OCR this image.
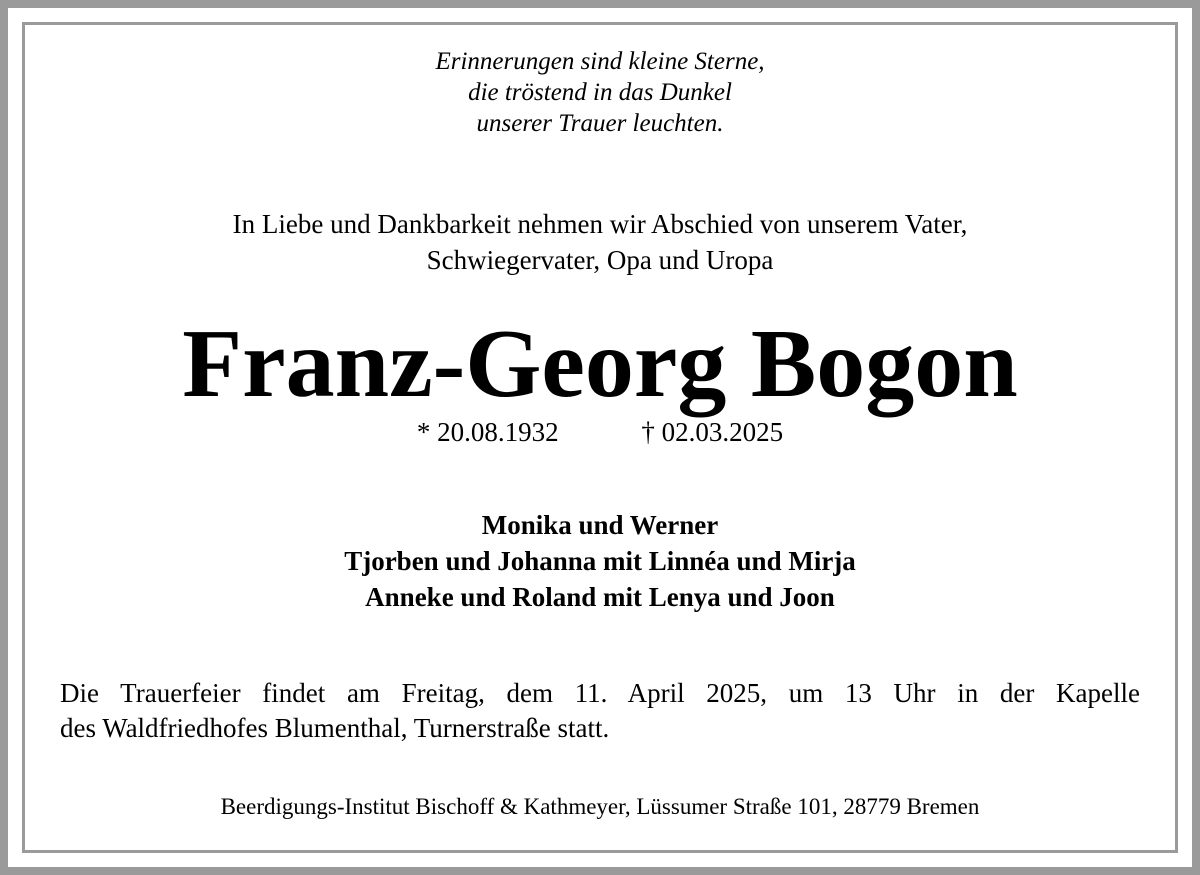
Erinnerungen sind kleine Sterne,
die tröstend in das Dunkel
unserer Trauer leuchten.
In Liebe und Dankbarkeit nehmen wir Abschied von unserem Vater,
Schwiegervater, Opa und Uropa
Franz-Georg Bogon
* 20.08.1932	† 02.03.2025
Monika und Werner
Tjorben und Johanna mit Linnéa und Mirja
Anneke und Roland mit Lenya und Joon
Die Trauerfeier findet am Freitag, dem 11. April 2025, um 13 Uhr in der Kapelle
des Waldfriedhofes Blumenthal, Turnerstraße statt.
Beerdigungs-Institut Bischoff & Kathmeyer, Lüssumer Straße 101, 28779 Bremen
